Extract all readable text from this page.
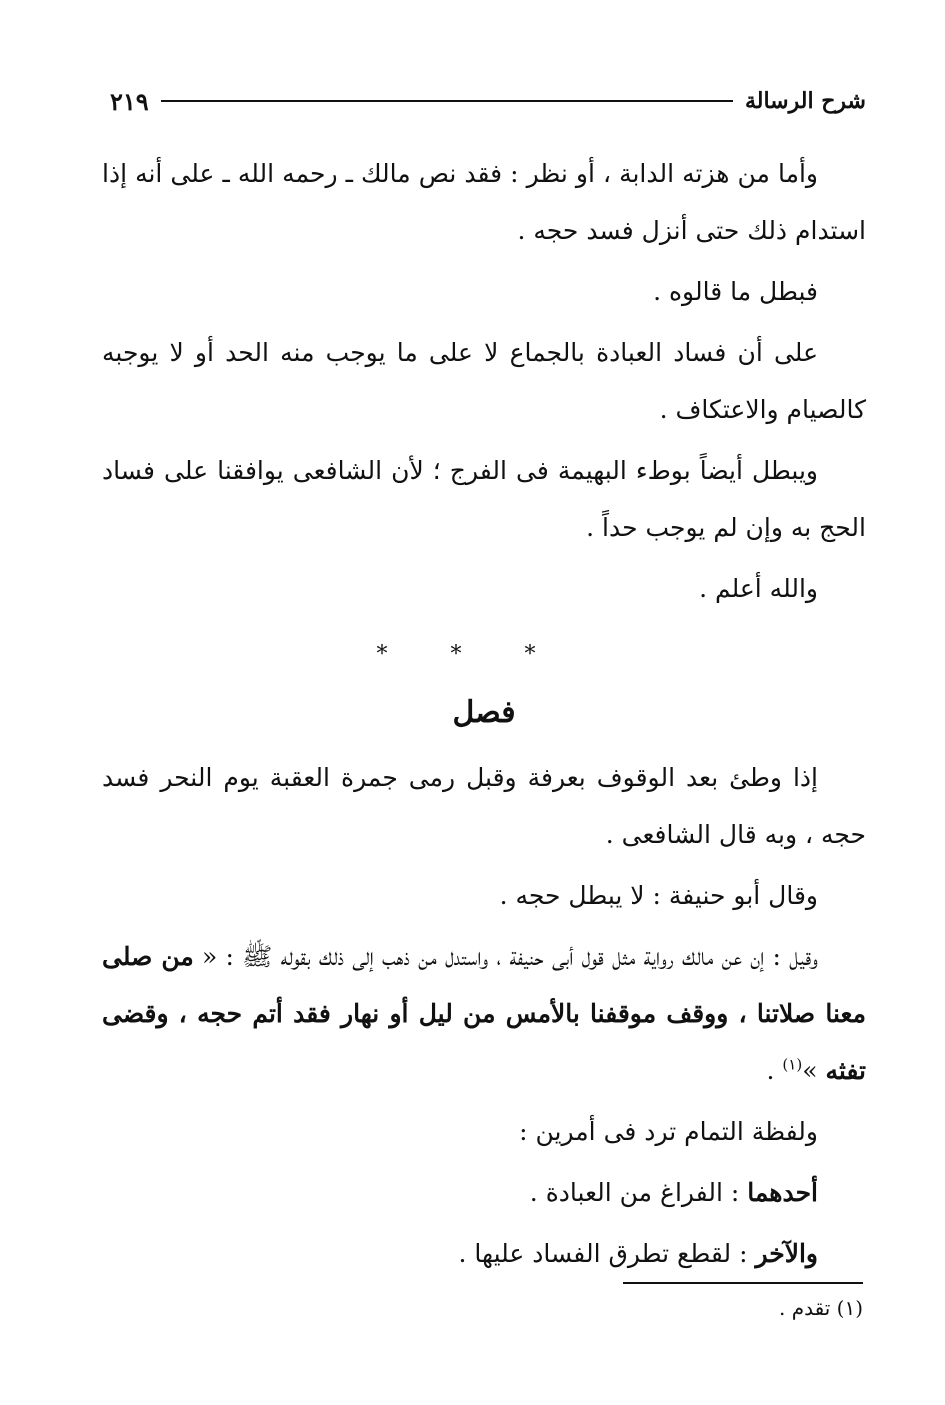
شرح الرسالة
٢١٩

وأما من هزته الدابة ، أو نظر : فقد نص مالك ـ رحمه الله ـ على أنه إذا استدام ذلك حتى أنزل فسد حجه .

فبطل ما قالوه .

على أن فساد العبادة بالجماع لا على ما يوجب منه الحد أو لا يوجبه كالصيام والاعتكاف .

ويبطل أيضاً بوطء البهيمة فى الفرج ؛ لأن الشافعى يوافقنا على فساد الحج به وإن لم يوجب حداً .

والله أعلم .

* * *
فصل

إذا وطئ بعد الوقوف بعرفة وقبل رمى جمرة العقبة يوم النحر فسد حجه ، وبه قال الشافعى .

وقال أبو حنيفة : لا يبطل حجه .

وقيل : إن عن مالك رواية مثل قول أبى حنيفة ، واستدل من ذهب إلى ذلك بقوله ﷺ : « من صلى معنا صلاتنا ، ووقف موقفنا بالأمس من ليل أو نهار فقد أتم حجه ، وقضى تفثه »$^{(١)}$ .

ولفظة التمام ترد فى أمرين :

أحدهما : الفراغ من العبادة .

والآخر : لقطع تطرق الفساد عليها .

(١) تقدم .
